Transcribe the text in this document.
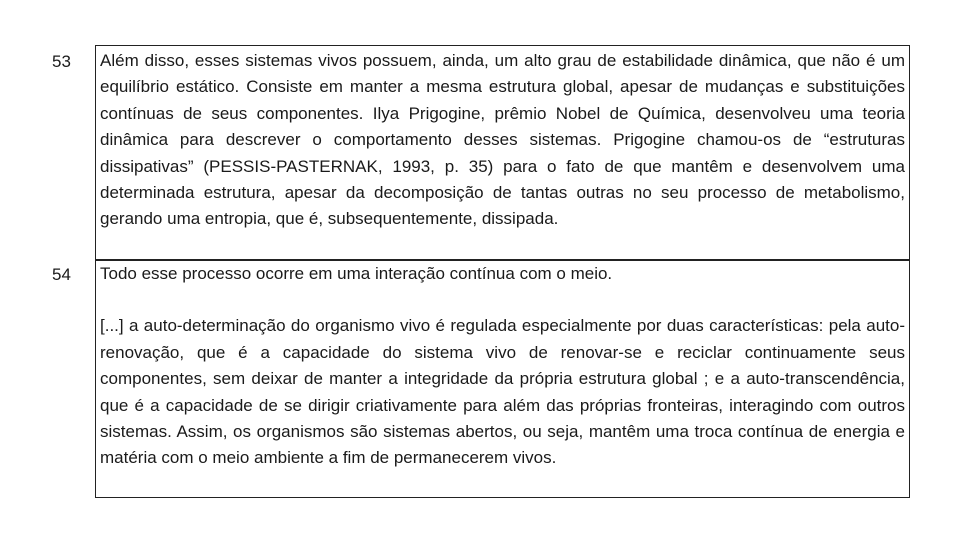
53	Além disso, esses sistemas vivos possuem, ainda, um alto grau de estabilidade dinâmica, que não é um equilíbrio estático. Consiste em manter a mesma estrutura global, apesar de mudanças e substituições contínuas de seus componentes. Ilya Prigogine, prêmio Nobel de Química, desenvolveu uma teoria dinâmica para descrever o comportamento desses sistemas. Prigogine chamou-os de “estruturas dissipativas” (PESSIS-PASTERNAK, 1993, p. 35) para o fato de que mantêm e desenvolvem uma determinada estrutura, apesar da decomposição de tantas outras no seu processo de metabolismo, gerando uma entropia, que é, subsequentemente, dissipada.

54	Todo esse processo ocorre em uma interação contínua com o meio.

[...] a auto-determinação do organismo vivo é regulada especialmente por duas características: pela auto-renovação, que é a capacidade do sistema vivo de renovar-se e reciclar continuamente seus componentes, sem deixar de manter a integridade da própria estrutura global ; e a auto-transcendência, que é a capacidade de se dirigir criativamente para além das próprias fronteiras, interagindo com outros sistemas. Assim, os organismos são sistemas abertos, ou seja, mantêm uma troca contínua de energia e matéria com o meio ambiente a fim de permanecerem vivos.
